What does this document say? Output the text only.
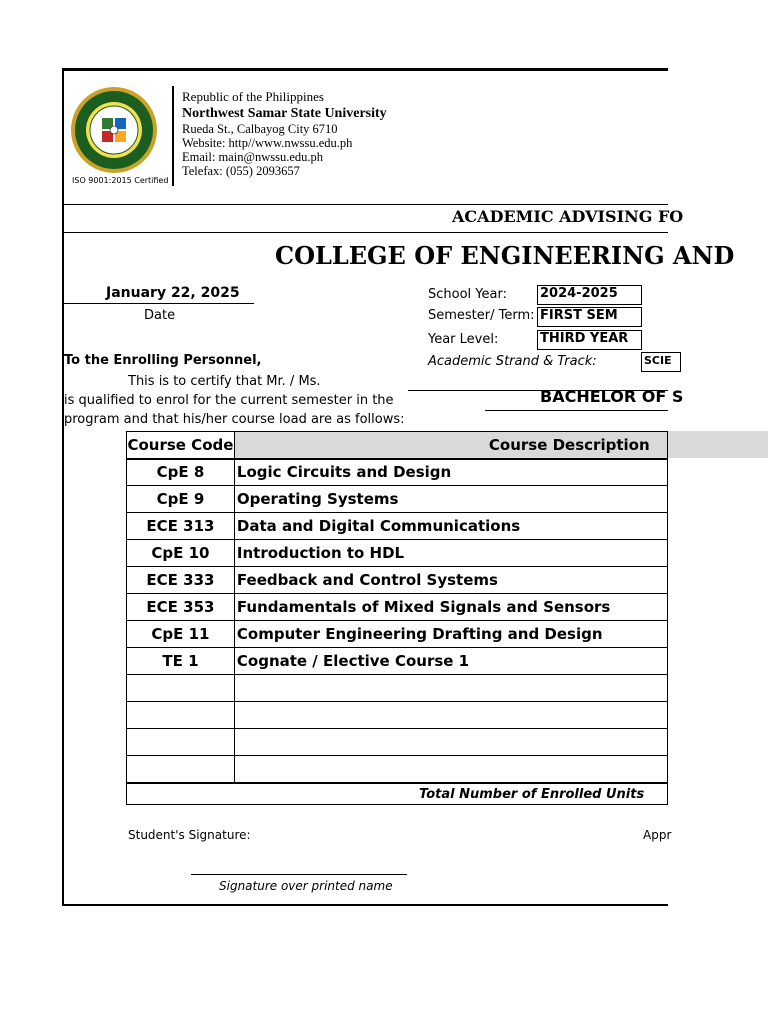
ISO 9001:2015 Certified
Republic of the Philippines
Northwest Samar State University
Rueda St., Calbayog City 6710
Website: http//www.nwssu.edu.ph
Email: main@nwssu.edu.ph
Telefax: (055) 2093657
ACADEMIC ADVISING FO
COLLEGE OF ENGINEERING AND
January 22, 2025
Date
School Year:	2024-2025
Semester/ Term: FIRST SEM
Year Level:	THIRD YEAR
Academic Strand & Track:	SCIE
To the Enrolling Personnel,
This is to certify that Mr. / Ms.
is qualified to enrol for the current semester in the
program and that his/her course load are as follows:
BACHELOR OF S
Course Code	Course Description
CpE 8	Logic Circuits and Design
CpE 9	Operating Systems
ECE 313	Data and Digital Communications
CpE 10	Introduction to HDL
ECE 333	Feedback and Control Systems
ECE 353	Fundamentals of Mixed Signals and Sensors
CpE 11	Computer Engineering Drafting and Design
TE 1	Cognate / Elective Course 1

Total Number of Enrolled Units	
Student's Signature:	Appr
Signature over printed name
